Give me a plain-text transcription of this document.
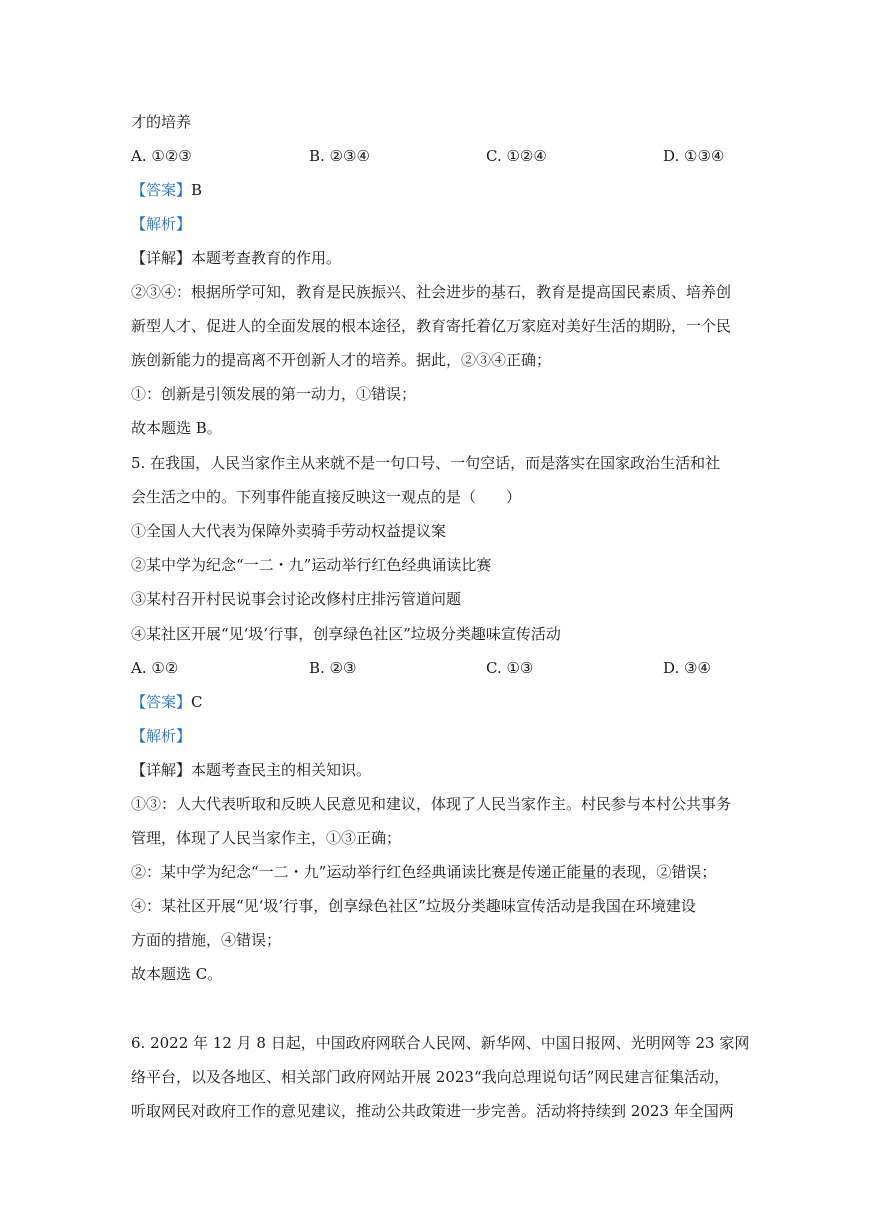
才的培养
A. ①②③	B. ②③④	C. ①②④	D. ①③④
【答案】B
【解析】
【详解】本题考查教育的作用。
②③④：根据所学可知，教育是民族振兴、社会进步的基石，教育是提高国民素质、培养创
新型人才、促进人的全面发展的根本途径，教育寄托着亿万家庭对美好生活的期盼，一个民
族创新能力的提高离不开创新人才的培养。据此，②③④正确；
①：创新是引领发展的第一动力，①错误；
故本题选 B。
5. 在我国，人民当家作主从来就不是一句口号、一句空话，而是落实在国家政治生活和社
会生活之中的。下列事件能直接反映这一观点的是（　　）
①全国人大代表为保障外卖骑手劳动权益提议案
②某中学为纪念“一二・九”运动举行红色经典诵读比赛
③某村召开村民说事会讨论改修村庄排污管道问题
④某社区开展“见‘圾’行事，创享绿色社区”垃圾分类趣味宣传活动
A. ①②	B. ②③	C. ①③	D. ③④
【答案】C
【解析】
【详解】本题考查民主的相关知识。
①③：人大代表听取和反映人民意见和建议，体现了人民当家作主。村民参与本村公共事务
管理，体现了人民当家作主，①③正确；
②：某中学为纪念“一二・九”运动举行红色经典诵读比赛是传递正能量的表现，②错误；
④：某社区开展“见‘圾’行事，创享绿色社区”垃圾分类趣味宣传活动是我国在环境建设
方面的措施，④错误；
故本题选 C。
6. 2022 年 12 月 8 日起，中国政府网联合人民网、新华网、中国日报网、光明网等 23 家网
络平台，以及各地区、相关部门政府网站开展 2023“我向总理说句话”网民建言征集活动，
听取网民对政府工作的意见建议，推动公共政策进一步完善。活动将持续到 2023 年全国两
